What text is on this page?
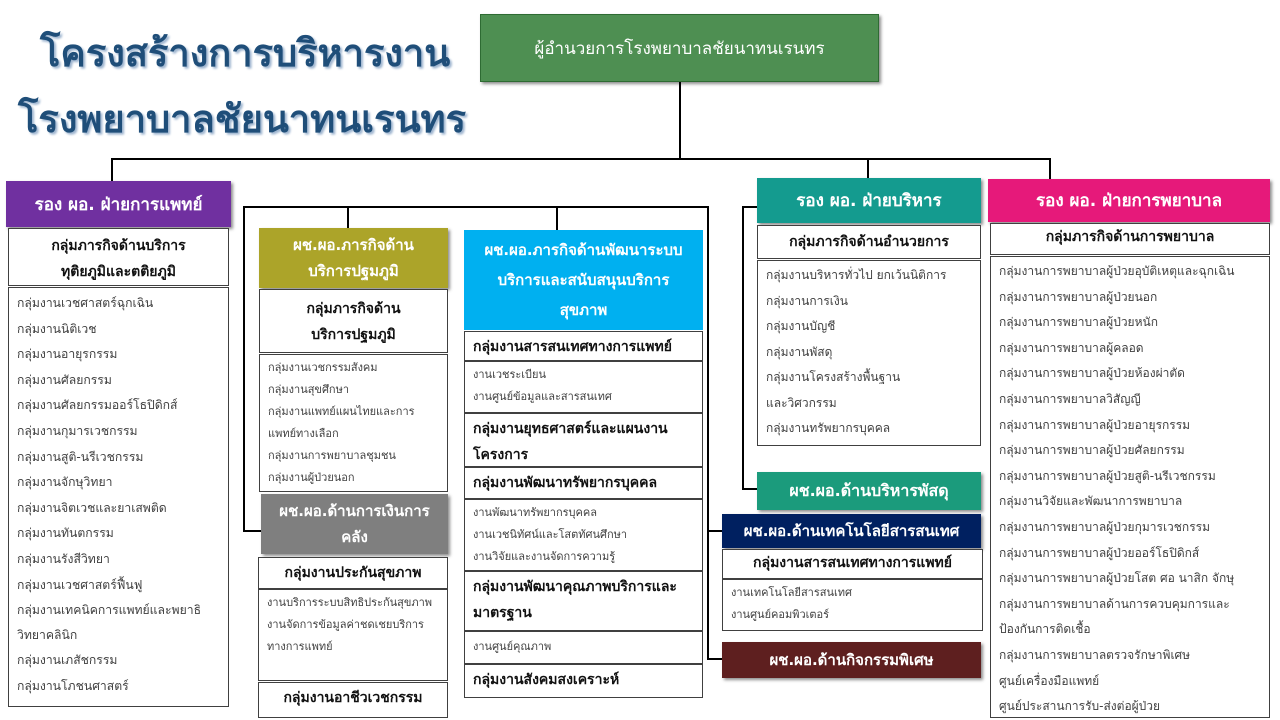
โครงสร้างการบริหารงาน
โรงพยาบาลชัยนาทนเรนทร
ผู้อำนวยการโรงพยาบาลชัยนาทนเรนทร
รอง ผอ. ฝ่ายการแพทย์
กลุ่มภารกิจด้านบริการทุติยภูมิและตติยภูมิ
กลุ่มงานเวชศาสตร์ฉุกเฉิน
กลุ่มงานนิติเวช
กลุ่มงานอายุรกรรม
กลุ่มงานศัลยกรรม
กลุ่มงานศัลยกรรมออร์โธปิดิกส์
กลุ่มงานกุมารเวชกรรม
กลุ่มงานสูติ-นรีเวชกรรม
กลุ่มงานจักษุวิทยา
กลุ่มงานจิตเวชและยาเสพติด
กลุ่มงานทันตกรรม
กลุ่มงานรังสีวิทยา
กลุ่มงานเวชศาสตร์ฟื้นฟู
กลุ่มงานเทคนิคการแพทย์และพยาธิวิทยาคลินิก
กลุ่มงานเภสัชกรรม
กลุ่มงานโภชนศาสตร์
ผช.ผอ.ภารกิจด้านบริการปฐมภูมิ
กลุ่มภารกิจด้านบริการปฐมภูมิ
กลุ่มงานเวชกรรมสังคม
กลุ่มงานสุขศึกษา
กลุ่มงานแพทย์แผนไทยและการแพทย์ทางเลือก
กลุ่มงานการพยาบาลชุมชน
กลุ่มงานผู้ป่วยนอก
ผช.ผอ.ด้านการเงินการคลัง
กลุ่มงานประกันสุขภาพ
งานบริการระบบสิทธิประกันสุขภาพ
งานจัดการข้อมูลค่าชดเชยบริการทางการแพทย์
กลุ่มงานอาชีวเวชกรรม
ผช.ผอ.ภารกิจด้านพัฒนาระบบบริการและสนับสนุนบริการสุขภาพ
กลุ่มงานสารสนเทศทางการแพทย์
งานเวชระเบียน
งานศูนย์ข้อมูลและสารสนเทศ
กลุ่มงานยุทธศาสตร์และแผนงานโครงการ
กลุ่มงานพัฒนาทรัพยากรบุคคล
งานพัฒนาทรัพยากรบุคคล
งานเวชนิทัศน์และโสตทัศนศึกษา
งานวิจัยและงานจัดการความรู้
กลุ่มงานพัฒนาคุณภาพบริการและมาตรฐาน
งานศูนย์คุณภาพ
กลุ่มงานสังคมสงเคราะห์
รอง ผอ. ฝ่ายบริหาร
กลุ่มภารกิจด้านอำนวยการ
กลุ่มงานบริหารทั่วไป ยกเว้นนิติการ
กลุ่มงานการเงิน
กลุ่มงานบัญชี
กลุ่มงานพัสดุ
กลุ่มงานโครงสร้างพื้นฐานและวิศวกรรม
กลุ่มงานทรัพยากรบุคคล
ผช.ผอ.ด้านบริหารพัสดุ
ผช.ผอ.ด้านเทคโนโลยีสารสนเทศ
กลุ่มงานสารสนเทศทางการแพทย์
งานเทคโนโลยีสารสนเทศ
งานศูนย์คอมพิวเตอร์
ผช.ผอ.ด้านกิจกรรมพิเศษ
รอง ผอ. ฝ่ายการพยาบาล
กลุ่มภารกิจด้านการพยาบาล
กลุ่มงานการพยาบาลผู้ป่วยอุบัติเหตุและฉุกเฉิน
กลุ่มงานการพยาบาลผู้ป่วยนอก
กลุ่มงานการพยาบาลผู้ป่วยหนัก
กลุ่มงานการพยาบาลผู้คลอด
กลุ่มงานการพยาบาลผู้ป่วยห้องผ่าตัด
กลุ่มงานการพยาบาลวิสัญญี
กลุ่มงานการพยาบาลผู้ป่วยอายุรกรรม
กลุ่มงานการพยาบาลผู้ป่วยศัลยกรรม
กลุ่มงานการพยาบาลผู้ป่วยสูติ-นรีเวชกรรม
กลุ่มงานวิจัยและพัฒนาการพยาบาล
กลุ่มงานการพยาบาลผู้ป่วยกุมารเวชกรรม
กลุ่มงานการพยาบาลผู้ป่วยออร์โธปิดิกส์
กลุ่มงานการพยาบาลผู้ป่วยโสต ศอ นาสิก จักษุ
กลุ่มงานการพยาบาลด้านการควบคุมการและป้องกันการติดเชื้อ
กลุ่มงานการพยาบาลตรวจรักษาพิเศษ
ศูนย์เครื่องมือแพทย์
ศูนย์ประสานการรับ-ส่งต่อผู้ป่วย
